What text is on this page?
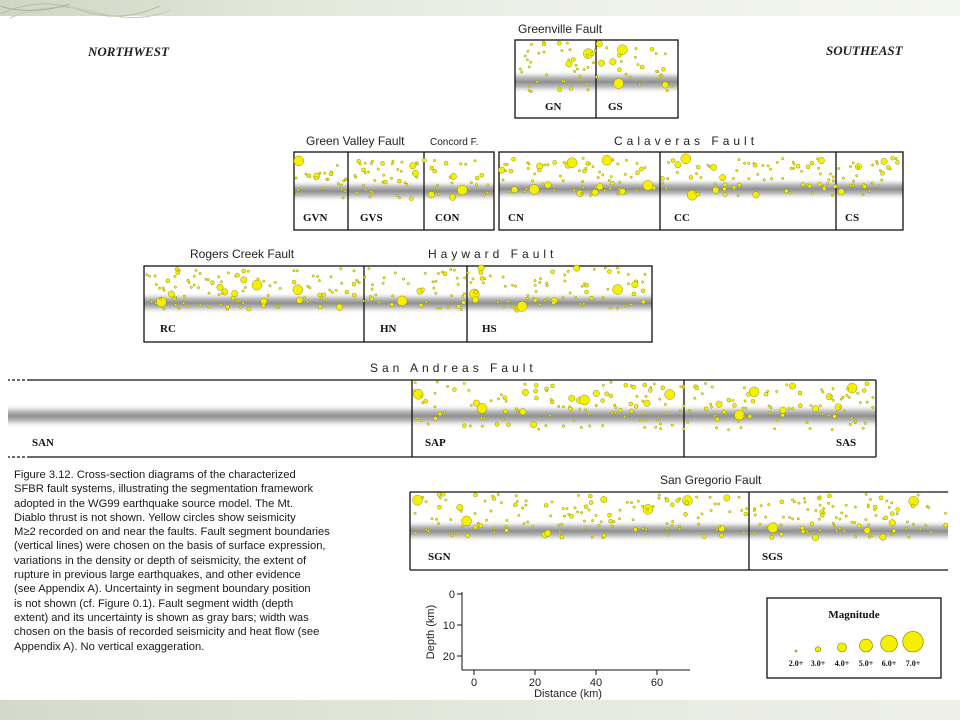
NORTHWEST	SOUTHEAST
Greenville Fault
Green Valley Fault	Concord F.	Calaveras Fault
Rogers Creek Fault	Hayward Fault
San Andreas Fault
San Gregorio Fault
GN	GS
GVN	GVS	CON	CN	CC	CS
RC	HN	HS
SAN	SAP	SAS
SGN	SGS
0
10
20
Depth (km)
0	20	40	60
Distance (km)
Magnitude
2.0+ 3.0+ 4.0+ 5.0+ 6.0+ 7.0+

Figure 3.12. Cross-section diagrams of the characterized

SFBR fault systems, illustrating the segmentation framework

adopted in the WG99 earthquake source model. The Mt.

Diablo thrust is not shown. Yellow circles show seismicity

M≥2 recorded on and near the faults. Fault segment boundaries

(vertical lines) were chosen on the basis of surface expression,

variations in the density or depth of seismicity, the extent of

rupture in previous large earthquakes, and other evidence

(see Appendix A). Uncertainty in segment boundary position

is not shown (cf. Figure 0.1). Fault segment width (depth

extent) and its uncertainty is shown as gray bars; width was

chosen on the basis of recorded seismicity and heat flow (see

Appendix A). No vertical exaggeration.
